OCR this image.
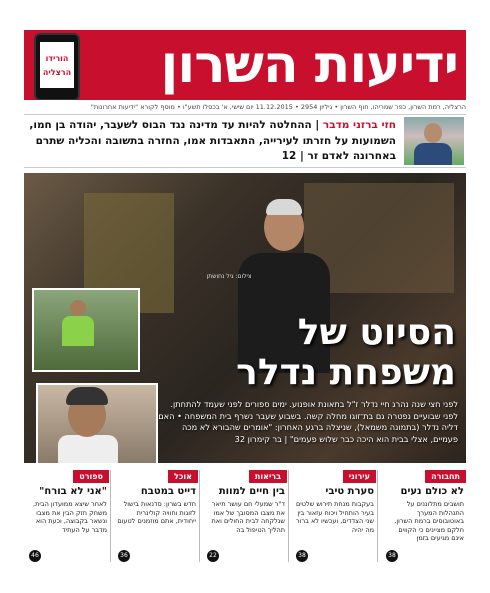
הורידו
הרצליה	ידיעות השרון
הרצליה, רמת השרון, כפר שמריהו, חוף השרון • גיליון 2954 • 11.12.2015 יום שישי, א' בכסלו תשע"ו • מוסף לקורא "ידיעות אחרונות"
חזי ברזני מדבר | ההחלטה להיות עד מדינה נגד הבוס לשעבר, יהודה בן חמו, השמועות על חזרתו לעירייה, התאבדות אמו, החזרה בתשובה והכליה שתרם באחרונה לאדם זר | 12
צילום: גיל נחושתן
הסיוט של
משפחת נדלר
לפני חצי שנה נהרג חיי נדלר ז"ל בתאונת אופנוע. ימים ספורים לפני שעמד להתחתן. לפני שבועיים נפטרה גם בת־זוגו מחלה קשה. בשבוע שעבר נשרף בית המשפחה • האם דליה נדלר (בתמונה משמאל), שניצלה ברגע האחרון: "אומרים שהבורא לא מכה פעמיים, אצלי בבית הוא היכה כבר שלוש פעמים" | בר קימרון 32
תחבורה
לא כולם נעים
תושבים מתלוננים על התנהלות המערך באוטובוסים ברמת השרון, חלקם מציינים כי הקווים אינם מגיעים בזמן
38
עירוני
סערת טיבי
בעקבות מנחת תירוש שלטים בעיר הותחיל ויכוח עזאור בין שני הצדדים, ועכשיו לא ברור מה יהיה
38
בריאות
בין חיים למוות
ד"ר שמעלי חם עושר תיאר את מצבו המסובך של אמו שנלקחה לבית החולים ואת תהליך הטיפול בה
22
אוכל
דייט במטבח
חדש בשרון: סדנאות בישול לזוגות וחוויה קולינרית ייחודית, אתם מוזמנים לטעום
36
ספורט
"אני לא בורח"
לאחר שיצא ממועדון הבית, משחק חזק הבין את מצבו ונשאר בקבוצה, וכעת הוא מדבר על העתיד
46
